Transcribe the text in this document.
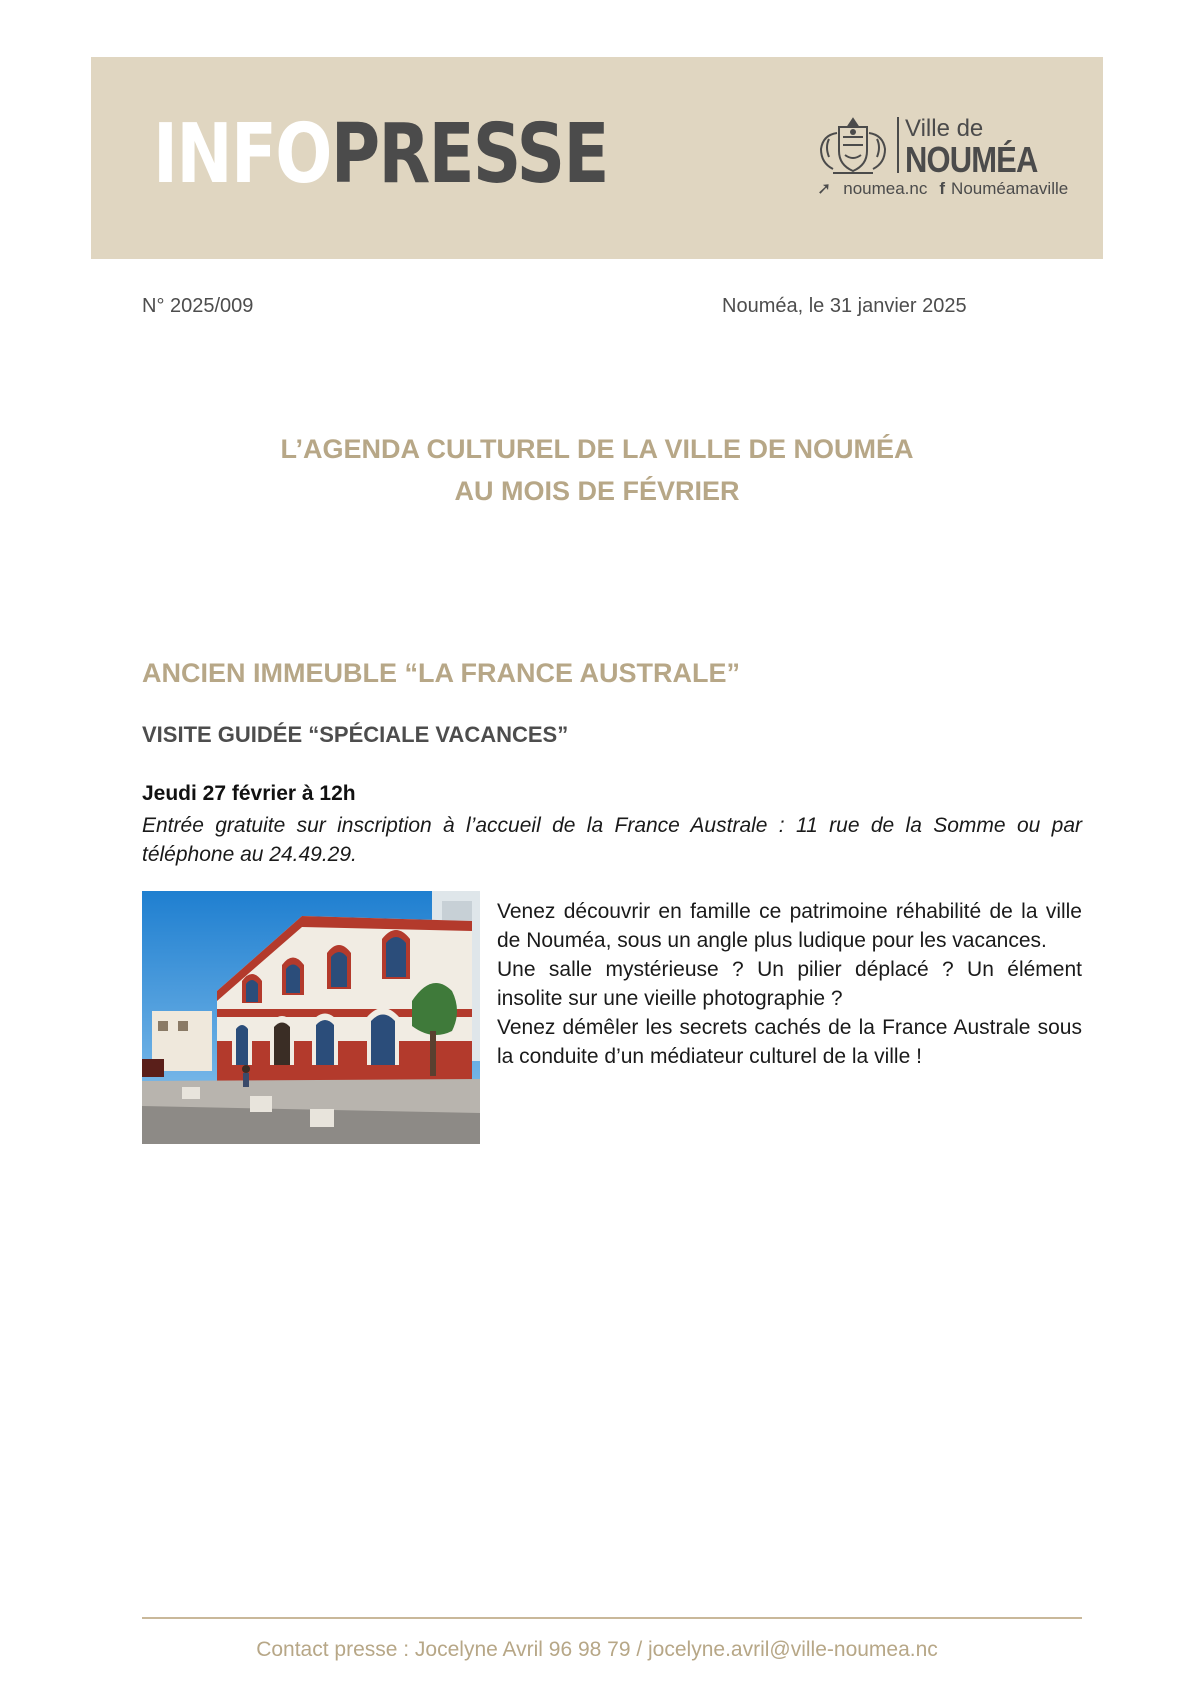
INFOPRESSE	Ville de
NOUMÉA
➚ noumea.nc f Nouméamaville
N° 2025/009	Nouméa, le 31 janvier 2025
L’AGENDA CULTUREL DE LA VILLE DE NOUMÉA
AU MOIS DE FÉVRIER
ANCIEN IMMEUBLE “LA FRANCE AUSTRALE”
VISITE GUIDÉE “SPÉCIALE VACANCES”
Jeudi 27 février à 12h
Entrée gratuite sur inscription à l’accueil de la France Australe : 11 rue de la Somme ou par téléphone au 24.49.29.

Venez découvrir en famille ce patrimoine réhabilité de la ville de Nouméa, sous un angle plus ludique pour les vacances.

Une salle mystérieuse ? Un pilier déplacé ? Un élément insolite sur une vieille photographie ?

Venez démêler les secrets cachés de la France Australe sous la conduite d’un médiateur culturel de la ville !

Contact presse : Jocelyne Avril 96 98 79 / jocelyne.avril@ville-noumea.nc
